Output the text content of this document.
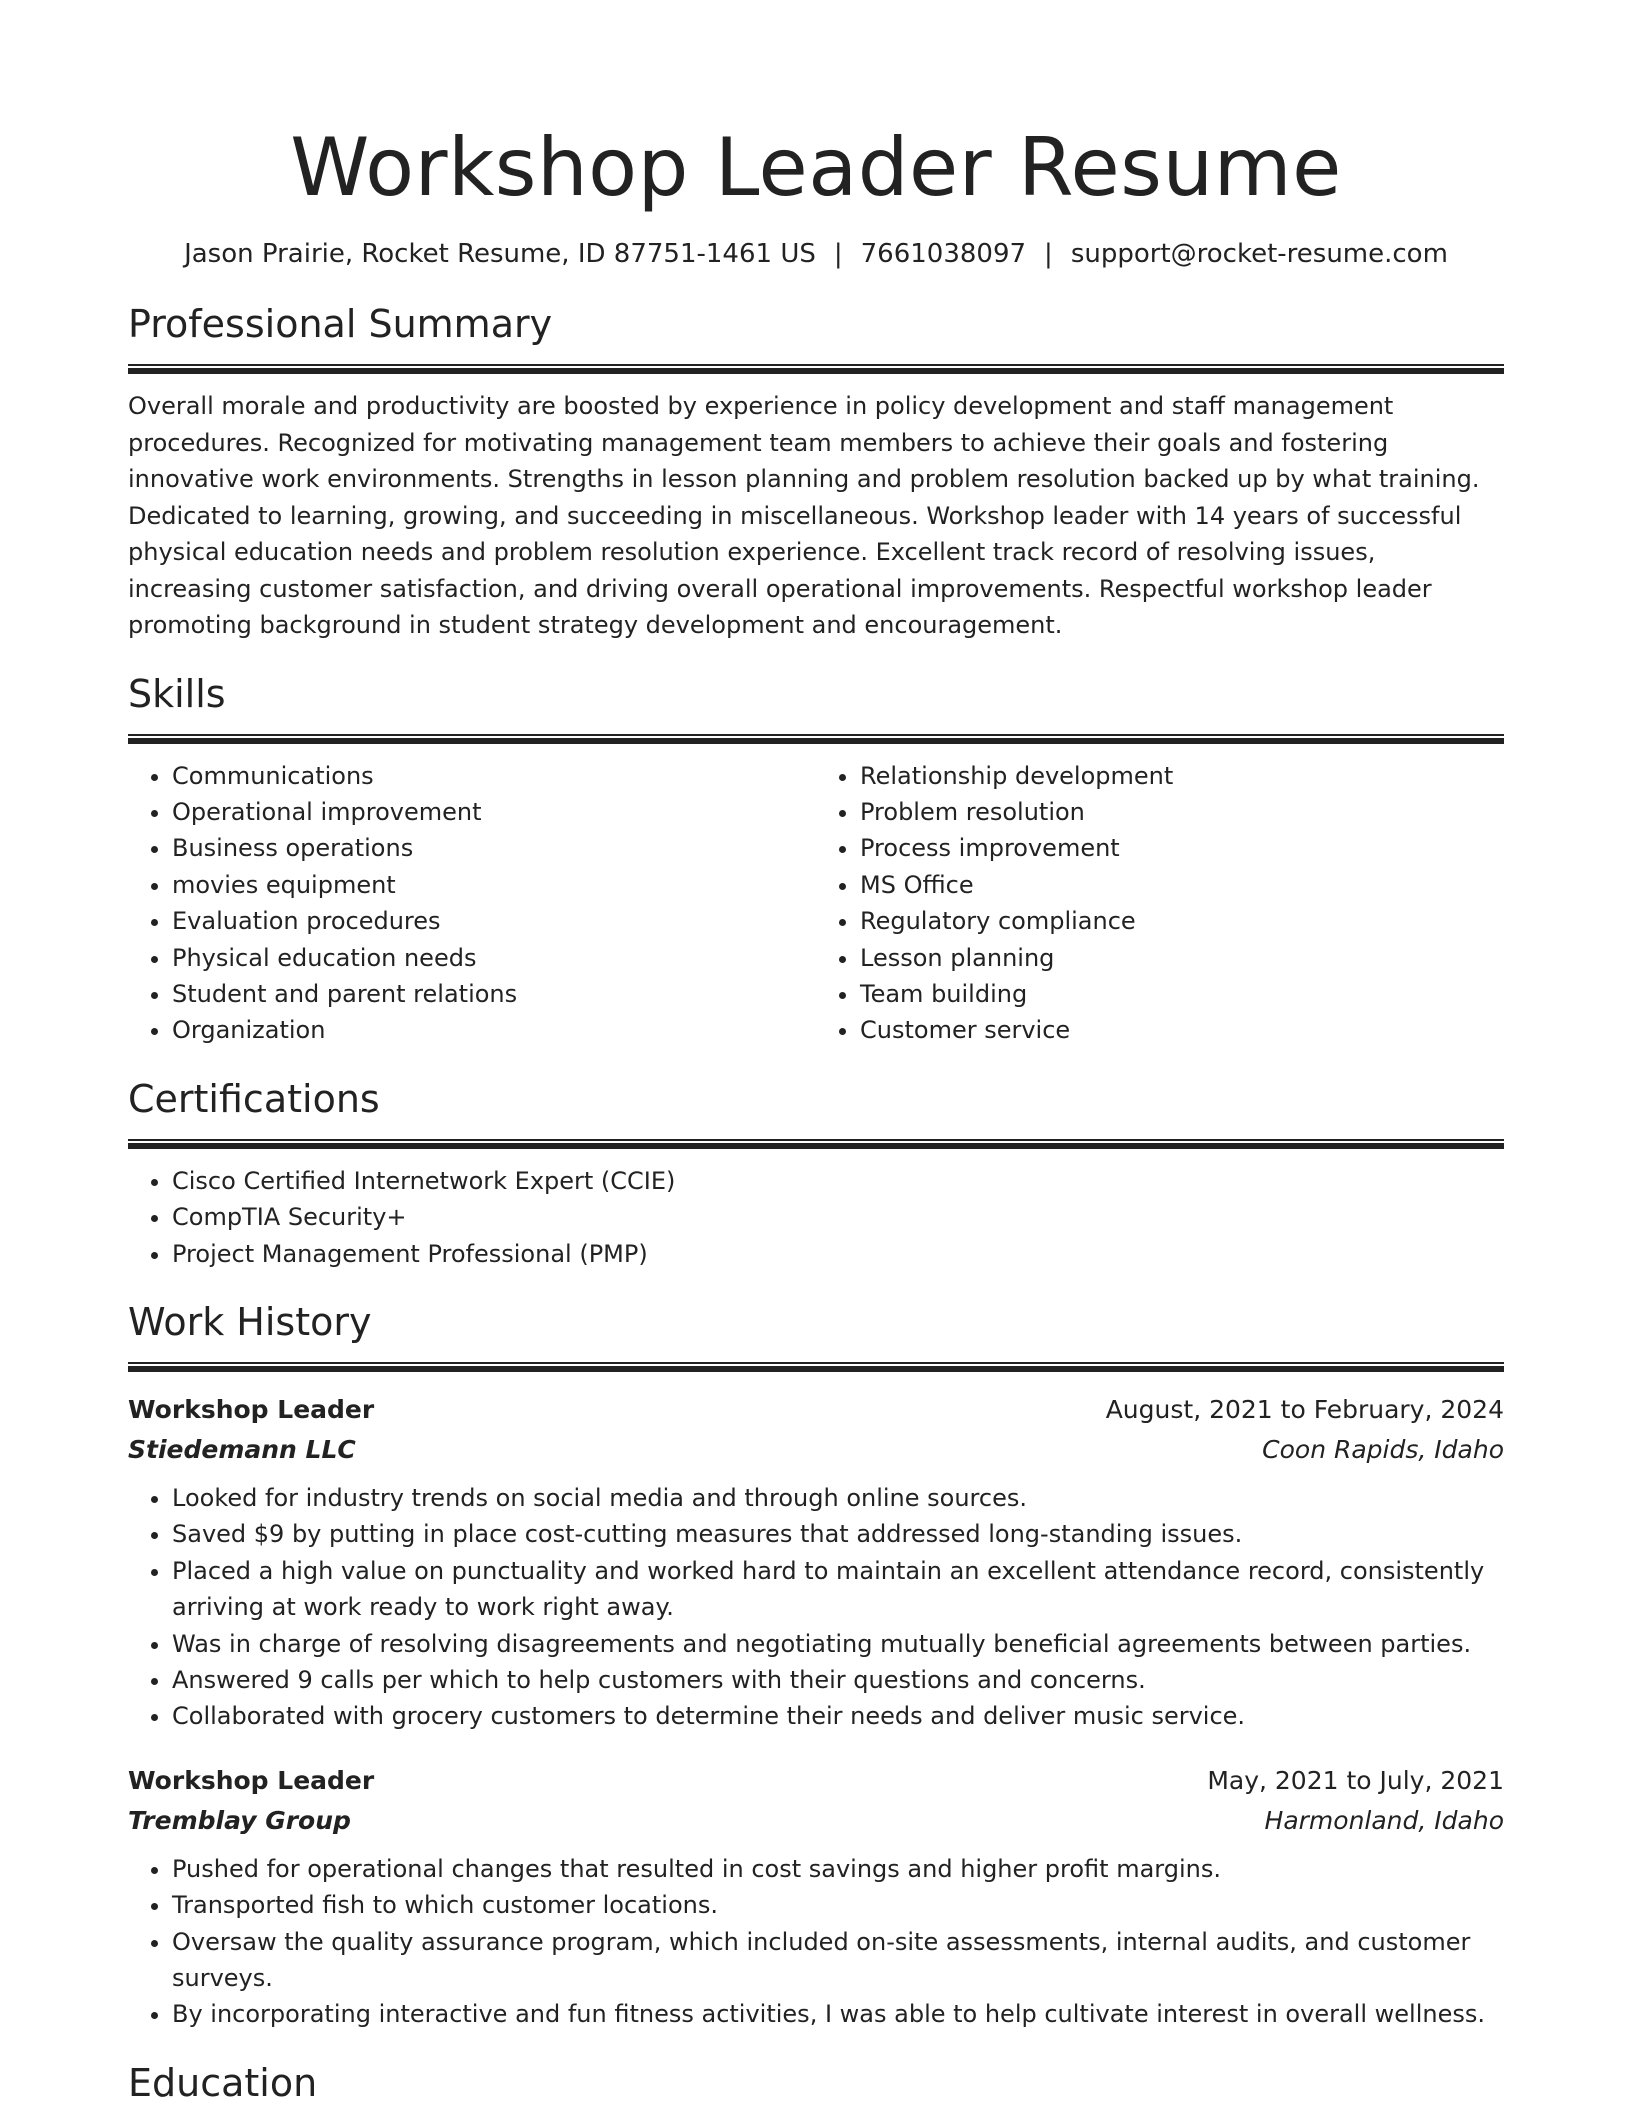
Workshop Leader Resume
Jason Prairie, Rocket Resume, ID 87751-1461 US | 7661038097 | support@rocket-resume.com
Professional Summary
Overall morale and productivity are boosted by experience in policy development and staff management procedures. Recognized for motivating management team members to achieve their goals and fostering innovative work environments. Strengths in lesson planning and problem resolution backed up by what training. Dedicated to learning, growing, and succeeding in miscellaneous. Workshop leader with 14 years of successful physical education needs and problem resolution experience. Excellent track record of resolving issues, increasing customer satisfaction, and driving overall operational improvements. Respectful workshop leader promoting background in student strategy development and encouragement.
Skills
• Communications
• Operational improvement
• Business operations
• movies equipment
• Evaluation procedures
• Physical education needs
• Student and parent relations
• Organization
• Relationship development
• Problem resolution
• Process improvement
• MS Office
• Regulatory compliance
• Lesson planning
• Team building
• Customer service
Certifications
• Cisco Certified Internetwork Expert (CCIE)
• CompTIA Security+
• Project Management Professional (PMP)
Work History
Workshop Leader	August, 2021 to February, 2024
Stiedemann LLC	Coon Rapids, Idaho
• Looked for industry trends on social media and through online sources.
• Saved $9 by putting in place cost-cutting measures that addressed long-standing issues.
• Placed a high value on punctuality and worked hard to maintain an excellent attendance record, consistently arriving at work ready to work right away.
• Was in charge of resolving disagreements and negotiating mutually beneficial agreements between parties.
• Answered 9 calls per which to help customers with their questions and concerns.
• Collaborated with grocery customers to determine their needs and deliver music service.
Workshop Leader	May, 2021 to July, 2021
Tremblay Group	Harmonland, Idaho
• Pushed for operational changes that resulted in cost savings and higher profit margins.
• Transported fish to which customer locations.
• Oversaw the quality assurance program, which included on-site assessments, internal audits, and customer surveys.
• By incorporating interactive and fun fitness activities, I was able to help cultivate interest in overall wellness.
Education
